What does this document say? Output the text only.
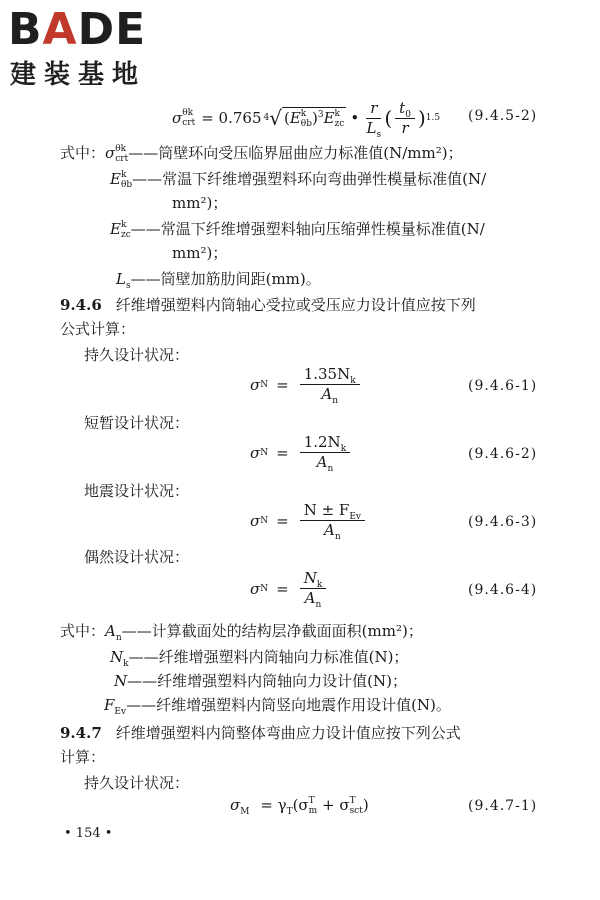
BADE
建装基地
σ θk
crt = 0.765 4 √ (E k
θb )$^3$E k
zc • $\frac{r}{L_s}$ ( $\frac{t_0}{r}$ ) 1.5 (9.4.5-2)
式中：σ θk
crt ——筒壁环向受压临界屈曲应力标准值(N/mm²)；
E k
θb ——常温下纤维增强塑料环向弯曲弹性模量标准值(N/
mm²)；
E k
zc ——常温下纤维增强塑料轴向压缩弹性模量标准值(N/
mm²)；
$L_s——$筒壁加筋肋间距(mm)。
9.4.6 纤维增强塑料内筒轴心受拉或受压应力设计值应按下列
公式计算：
持久设计状况：
σ $N = \frac{1.35N_k}{A_n}$	(9.4.6-1)
短暂设计状况：
σ $N = \frac{1.2N_k}{A_n}$	(9.4.6-2)
地震设计状况：
σ $N = \frac{N \pm F_{Ev}}{A_n}$	(9.4.6-3)
偶然设计状况：
σ $N = \frac{N_k}{A_n}$	(9.4.6-4)
式中：$A_n——$计算截面处的结构层净截面面积(mm²)；
$N_k——$纤维增强塑料内筒轴向力标准值(N)；
N——纤维增强塑料内筒轴向力设计值(N)；
$F_{Ev}——$纤维增强塑料内筒竖向地震作用设计值(N)。
9.4.7 纤维增强塑料内筒整体弯曲应力设计值应按下列公式
计算：
持久设计状况：
$\sigma_M = \gamma_T(\sigma$ T
m + σ T
sct )	(9.4.7-1)
• 154 •
